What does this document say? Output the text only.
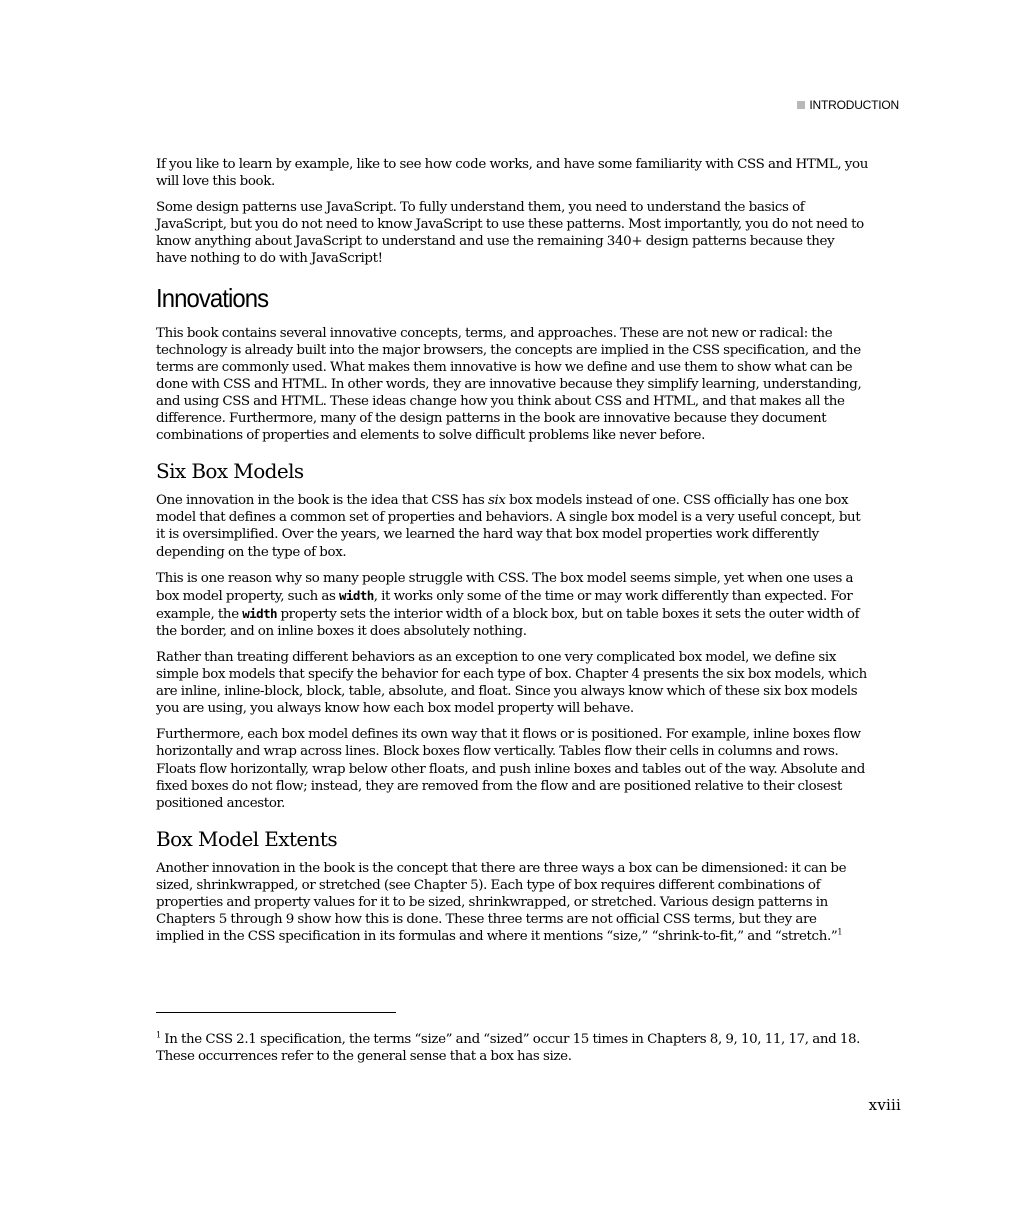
INTRODUCTION

If you like to learn by example, like to see how code works, and have some familiarity with CSS and HTML, you will love this book.

Some design patterns use JavaScript. To fully understand them, you need to understand the basics of JavaScript, but you do not need to know JavaScript to use these patterns. Most importantly, you do not need to know anything about JavaScript to understand and use the remaining 340+ design patterns because they have nothing to do with JavaScript!

Innovations

This book contains several innovative concepts, terms, and approaches. These are not new or radical: the technology is already built into the major browsers, the concepts are implied in the CSS specification, and the terms are commonly used. What makes them innovative is how we define and use them to show what can be done with CSS and HTML. In other words, they are innovative because they simplify learning, understanding, and using CSS and HTML. These ideas change how you think about CSS and HTML, and that makes all the difference. Furthermore, many of the design patterns in the book are innovative because they document combinations of properties and elements to solve difficult problems like never before.

Six Box Models

One innovation in the book is the idea that CSS has six box models instead of one. CSS officially has one box model that defines a common set of properties and behaviors. A single box model is a very useful concept, but it is oversimplified. Over the years, we learned the hard way that box model properties work differently depending on the type of box.

This is one reason why so many people struggle with CSS. The box model seems simple, yet when one uses a box model property, such as width, it works only some of the time or may work differently than expected. For example, the width property sets the interior width of a block box, but on table boxes it sets the outer width of the border, and on inline boxes it does absolutely nothing.

Rather than treating different behaviors as an exception to one very complicated box model, we define six simple box models that specify the behavior for each type of box. Chapter 4 presents the six box models, which are inline, inline-block, block, table, absolute, and float. Since you always know which of these six box models you are using, you always know how each box model property will behave.

Furthermore, each box model defines its own way that it flows or is positioned. For example, inline boxes flow horizontally and wrap across lines. Block boxes flow vertically. Tables flow their cells in columns and rows. Floats flow horizontally, wrap below other floats, and push inline boxes and tables out of the way. Absolute and fixed boxes do not flow; instead, they are removed from the flow and are positioned relative to their closest positioned ancestor.

Box Model Extents

Another innovation in the book is the concept that there are three ways a box can be dimensioned: it can be sized, shrinkwrapped, or stretched (see Chapter 5). Each type of box requires different combinations of properties and property values for it to be sized, shrinkwrapped, or stretched. Various design patterns in Chapters 5 through 9 show how this is done. These three terms are not official CSS terms, but they are implied in the CSS specification in its formulas and where it mentions “size,” “shrink-to-fit,” and “stretch.”$^1$

$^1$ In the CSS 2.1 specification, the terms “size” and “sized” occur 15 times in Chapters 8, 9, 10, 11, 17, and 18. These occurrences refer to the general sense that a box has size.
xviii
